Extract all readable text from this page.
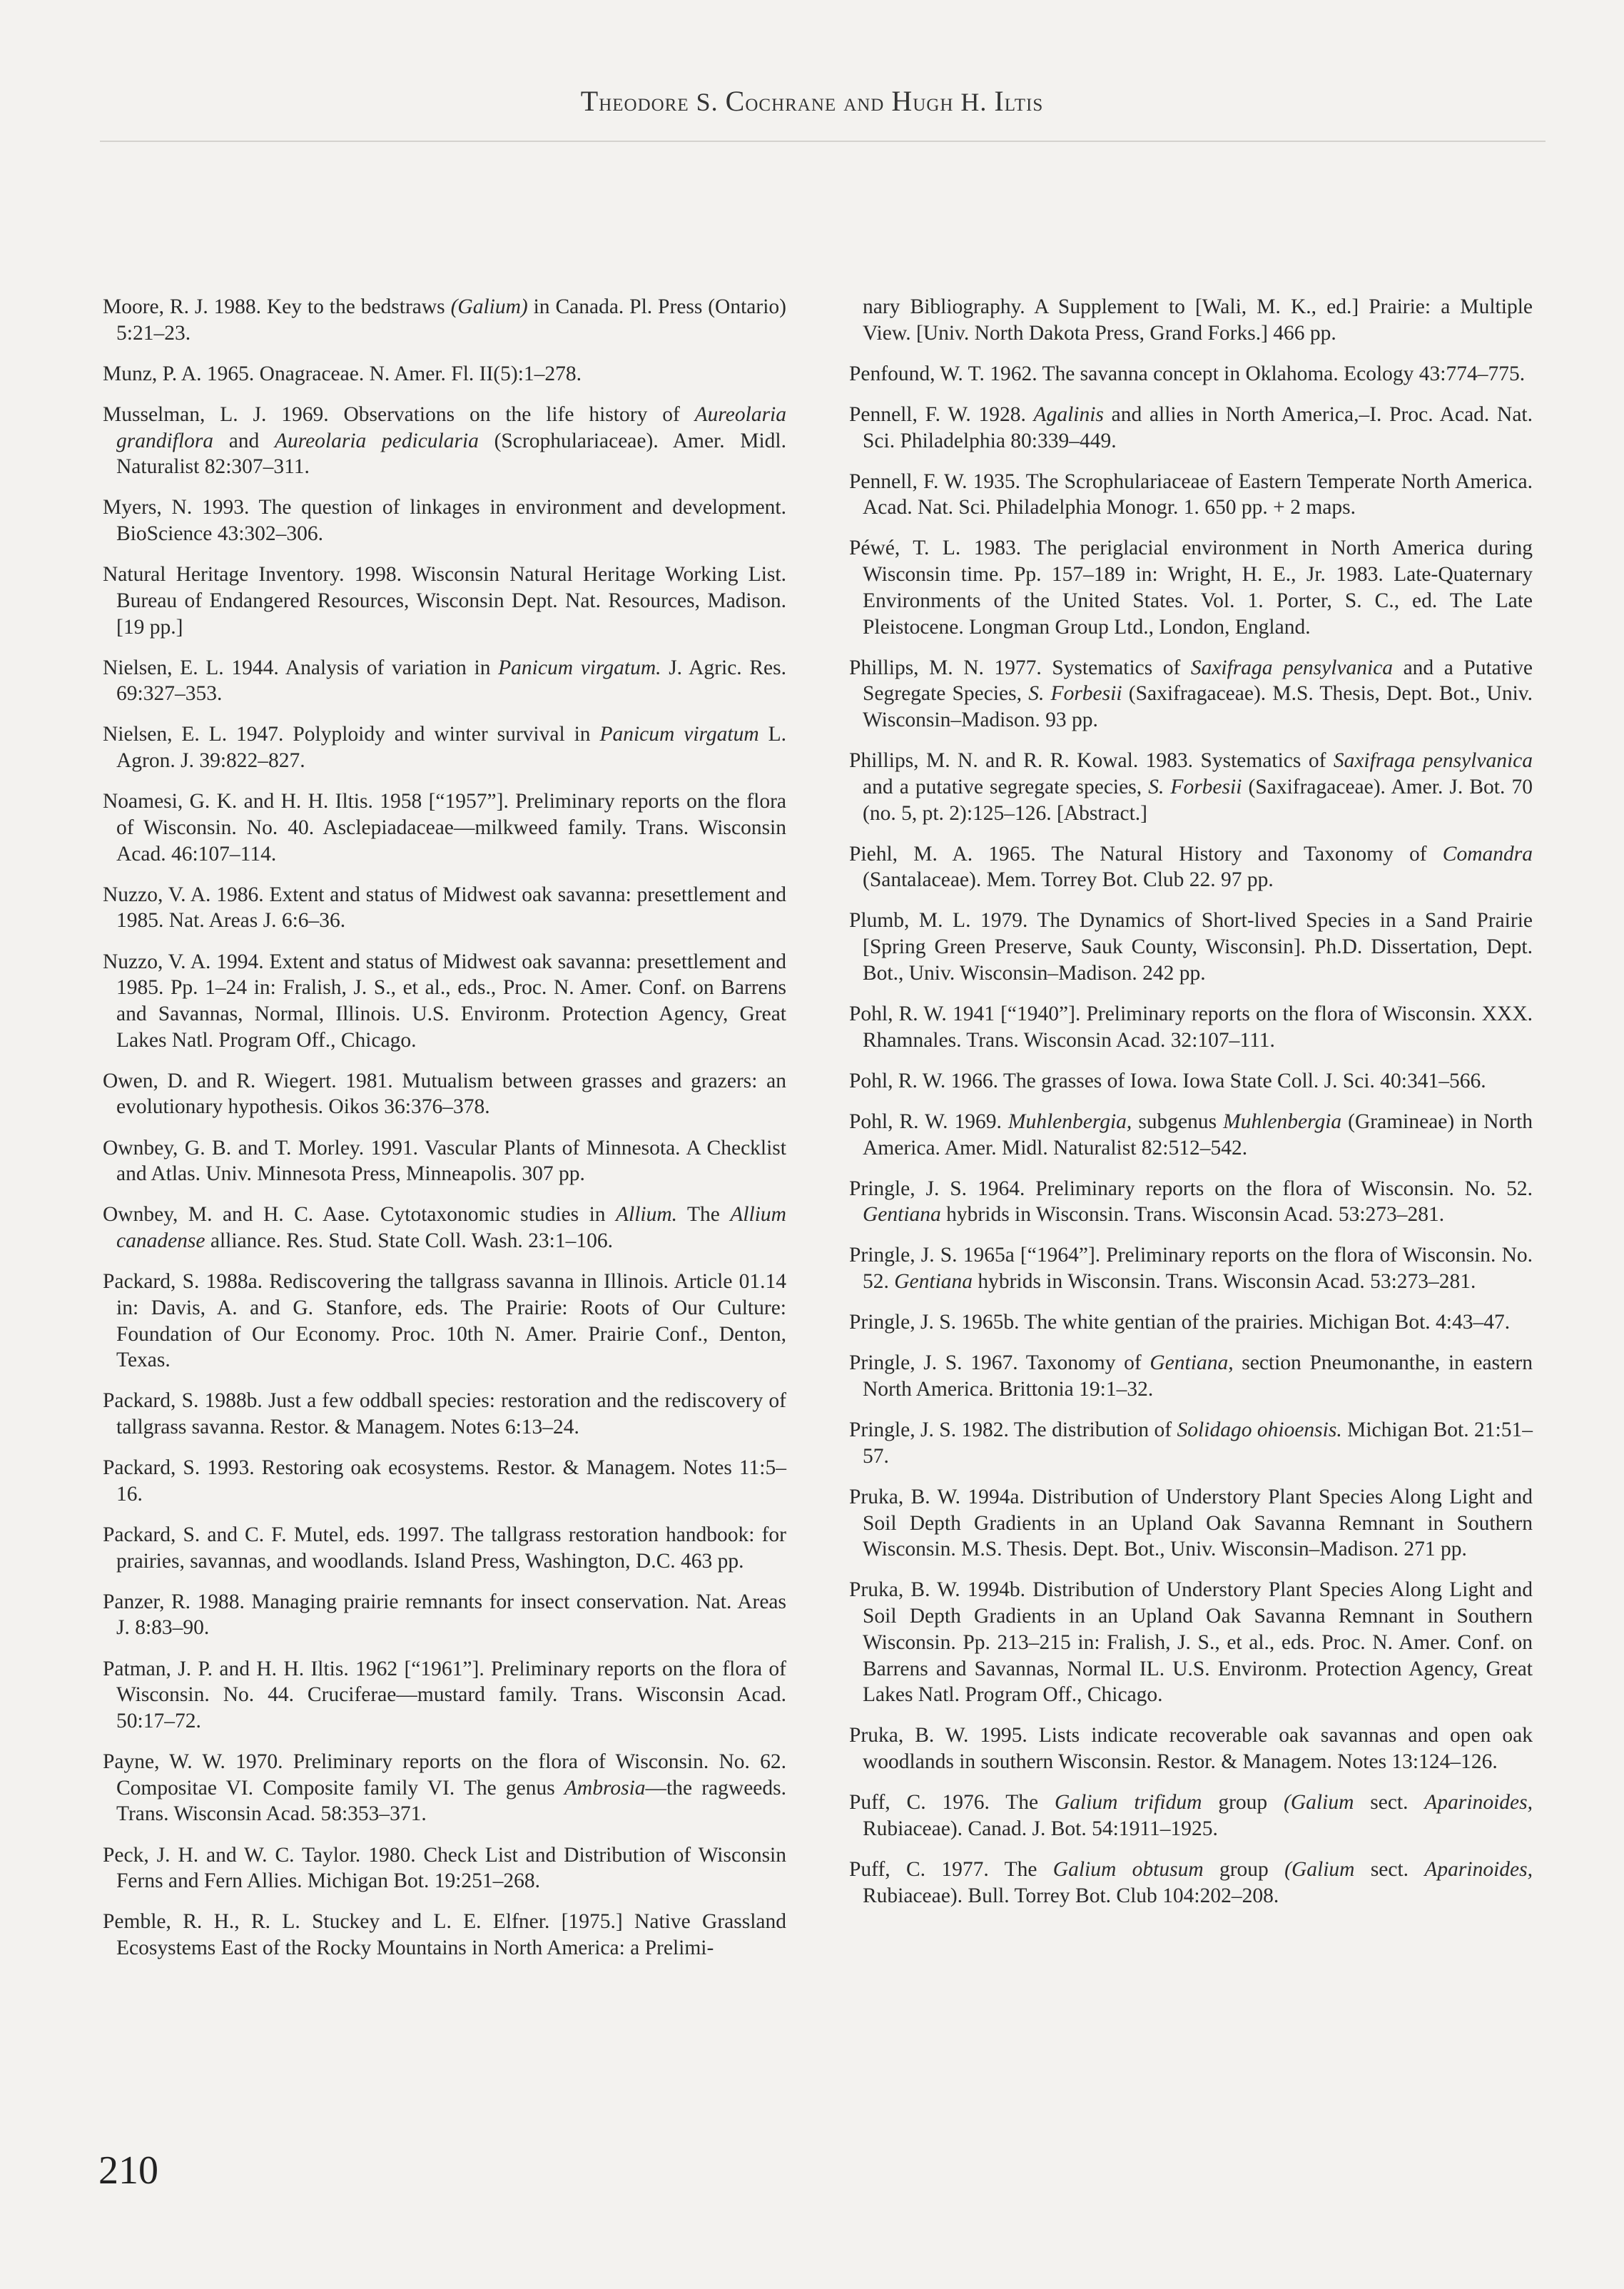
Theodore S. Cochrane and Hugh H. Iltis

Moore, R. J. 1988. Key to the bedstraws (Galium) in Canada. Pl. Press (Ontario) 5:21–23.

Munz, P. A. 1965. Onagraceae. N. Amer. Fl. II(5):1–278.

Musselman, L. J. 1969. Observations on the life history of Aureolaria grandiflora and Aureolaria pedicularia (Scrophulariaceae). Amer. Midl. Naturalist 82:307–311.

Myers, N. 1993. The question of linkages in environment and development. BioScience 43:302–306.

Natural Heritage Inventory. 1998. Wisconsin Natural Heritage Working List. Bureau of Endangered Resources, Wisconsin Dept. Nat. Resources, Madison. [19 pp.]

Nielsen, E. L. 1944. Analysis of variation in Panicum virgatum. J. Agric. Res. 69:327–353.

Nielsen, E. L. 1947. Polyploidy and winter survival in Panicum virgatum L. Agron. J. 39:822–827.

Noamesi, G. K. and H. H. Iltis. 1958 [“1957”]. Preliminary reports on the flora of Wisconsin. No. 40. Asclepiadaceae—milkweed family. Trans. Wisconsin Acad. 46:107–114.

Nuzzo, V. A. 1986. Extent and status of Midwest oak savanna: presettlement and 1985. Nat. Areas J. 6:6–36.

Nuzzo, V. A. 1994. Extent and status of Midwest oak savanna: presettlement and 1985. Pp. 1–24 in: Fralish, J. S., et al., eds., Proc. N. Amer. Conf. on Barrens and Savannas, Normal, Illinois. U.S. Environm. Protection Agency, Great Lakes Natl. Program Off., Chicago.

Owen, D. and R. Wiegert. 1981. Mutualism between grasses and grazers: an evolutionary hypothesis. Oikos 36:376–378.

Ownbey, G. B. and T. Morley. 1991. Vascular Plants of Minnesota. A Checklist and Atlas. Univ. Minnesota Press, Minneapolis. 307 pp.

Ownbey, M. and H. C. Aase. Cytotaxonomic studies in Allium. The Allium canadense alliance. Res. Stud. State Coll. Wash. 23:1–106.

Packard, S. 1988a. Rediscovering the tallgrass savanna in Illinois. Article 01.14 in: Davis, A. and G. Stanfore, eds. The Prairie: Roots of Our Culture: Foundation of Our Economy. Proc. 10th N. Amer. Prairie Conf., Denton, Texas.

Packard, S. 1988b. Just a few oddball species: restoration and the rediscovery of tallgrass savanna. Restor. & Managem. Notes 6:13–24.

Packard, S. 1993. Restoring oak ecosystems. Restor. & Managem. Notes 11:5–16.

Packard, S. and C. F. Mutel, eds. 1997. The tallgrass restoration handbook: for prairies, savannas, and woodlands. Island Press, Washington, D.C. 463 pp.

Panzer, R. 1988. Managing prairie remnants for insect conservation. Nat. Areas J. 8:83–90.

Patman, J. P. and H. H. Iltis. 1962 [“1961”]. Preliminary reports on the flora of Wisconsin. No. 44. Cruciferae—mustard family. Trans. Wisconsin Acad. 50:17–72.

Payne, W. W. 1970. Preliminary reports on the flora of Wisconsin. No. 62. Compositae VI. Composite family VI. The genus Ambrosia—the ragweeds. Trans. Wisconsin Acad. 58:353–371.

Peck, J. H. and W. C. Taylor. 1980. Check List and Distribution of Wisconsin Ferns and Fern Allies. Michigan Bot. 19:251–268.

Pemble, R. H., R. L. Stuckey and L. E. Elfner. [1975.] Native Grassland Ecosystems East of the Rocky Mountains in North America: a Prelimi-

nary Bibliography. A Supplement to [Wali, M. K., ed.] Prairie: a Multiple View. [Univ. North Dakota Press, Grand Forks.] 466 pp.

Penfound, W. T. 1962. The savanna concept in Oklahoma. Ecology 43:774–775.

Pennell, F. W. 1928. Agalinis and allies in North America,–I. Proc. Acad. Nat. Sci. Philadelphia 80:339–449.

Pennell, F. W. 1935. The Scrophulariaceae of Eastern Temperate North America. Acad. Nat. Sci. Philadelphia Monogr. 1. 650 pp. + 2 maps.

Péwé, T. L. 1983. The periglacial environment in North America during Wisconsin time. Pp. 157–189 in: Wright, H. E., Jr. 1983. Late-Quaternary Environments of the United States. Vol. 1. Porter, S. C., ed. The Late Pleistocene. Longman Group Ltd., London, England.

Phillips, M. N. 1977. Systematics of Saxifraga pensylvanica and a Putative Segregate Species, S. Forbesii (Saxifragaceae). M.S. Thesis, Dept. Bot., Univ. Wisconsin–Madison. 93 pp.

Phillips, M. N. and R. R. Kowal. 1983. Systematics of Saxifraga pensylvanica and a putative segregate species, S. Forbesii (Saxifragaceae). Amer. J. Bot. 70 (no. 5, pt. 2):125–126. [Abstract.]

Piehl, M. A. 1965. The Natural History and Taxonomy of Comandra (Santalaceae). Mem. Torrey Bot. Club 22. 97 pp.

Plumb, M. L. 1979. The Dynamics of Short-lived Species in a Sand Prairie [Spring Green Preserve, Sauk County, Wisconsin]. Ph.D. Dissertation, Dept. Bot., Univ. Wisconsin–Madison. 242 pp.

Pohl, R. W. 1941 [“1940”]. Preliminary reports on the flora of Wisconsin. XXX. Rhamnales. Trans. Wisconsin Acad. 32:107–111.

Pohl, R. W. 1966. The grasses of Iowa. Iowa State Coll. J. Sci. 40:341–566.

Pohl, R. W. 1969. Muhlenbergia, subgenus Muhlenbergia (Gramineae) in North America. Amer. Midl. Naturalist 82:512–542.

Pringle, J. S. 1964. Preliminary reports on the flora of Wisconsin. No. 52. Gentiana hybrids in Wisconsin. Trans. Wisconsin Acad. 53:273–281.

Pringle, J. S. 1965a [“1964”]. Preliminary reports on the flora of Wisconsin. No. 52. Gentiana hybrids in Wisconsin. Trans. Wisconsin Acad. 53:273–281.

Pringle, J. S. 1965b. The white gentian of the prairies. Michigan Bot. 4:43–47.

Pringle, J. S. 1967. Taxonomy of Gentiana, section Pneumonanthe, in eastern North America. Brittonia 19:1–32.

Pringle, J. S. 1982. The distribution of Solidago ohioensis. Michigan Bot. 21:51–57.

Pruka, B. W. 1994a. Distribution of Understory Plant Species Along Light and Soil Depth Gradients in an Upland Oak Savanna Remnant in Southern Wisconsin. M.S. Thesis. Dept. Bot., Univ. Wisconsin–Madison. 271 pp.

Pruka, B. W. 1994b. Distribution of Understory Plant Species Along Light and Soil Depth Gradients in an Upland Oak Savanna Remnant in Southern Wisconsin. Pp. 213–215 in: Fralish, J. S., et al., eds. Proc. N. Amer. Conf. on Barrens and Savannas, Normal IL. U.S. Environm. Protection Agency, Great Lakes Natl. Program Off., Chicago.

Pruka, B. W. 1995. Lists indicate recoverable oak savannas and open oak woodlands in southern Wisconsin. Restor. & Managem. Notes 13:124–126.

Puff, C. 1976. The Galium trifidum group (Galium sect. Aparinoides, Rubiaceae). Canad. J. Bot. 54:1911–1925.

Puff, C. 1977. The Galium obtusum group (Galium sect. Aparinoides, Rubiaceae). Bull. Torrey Bot. Club 104:202–208.

210
